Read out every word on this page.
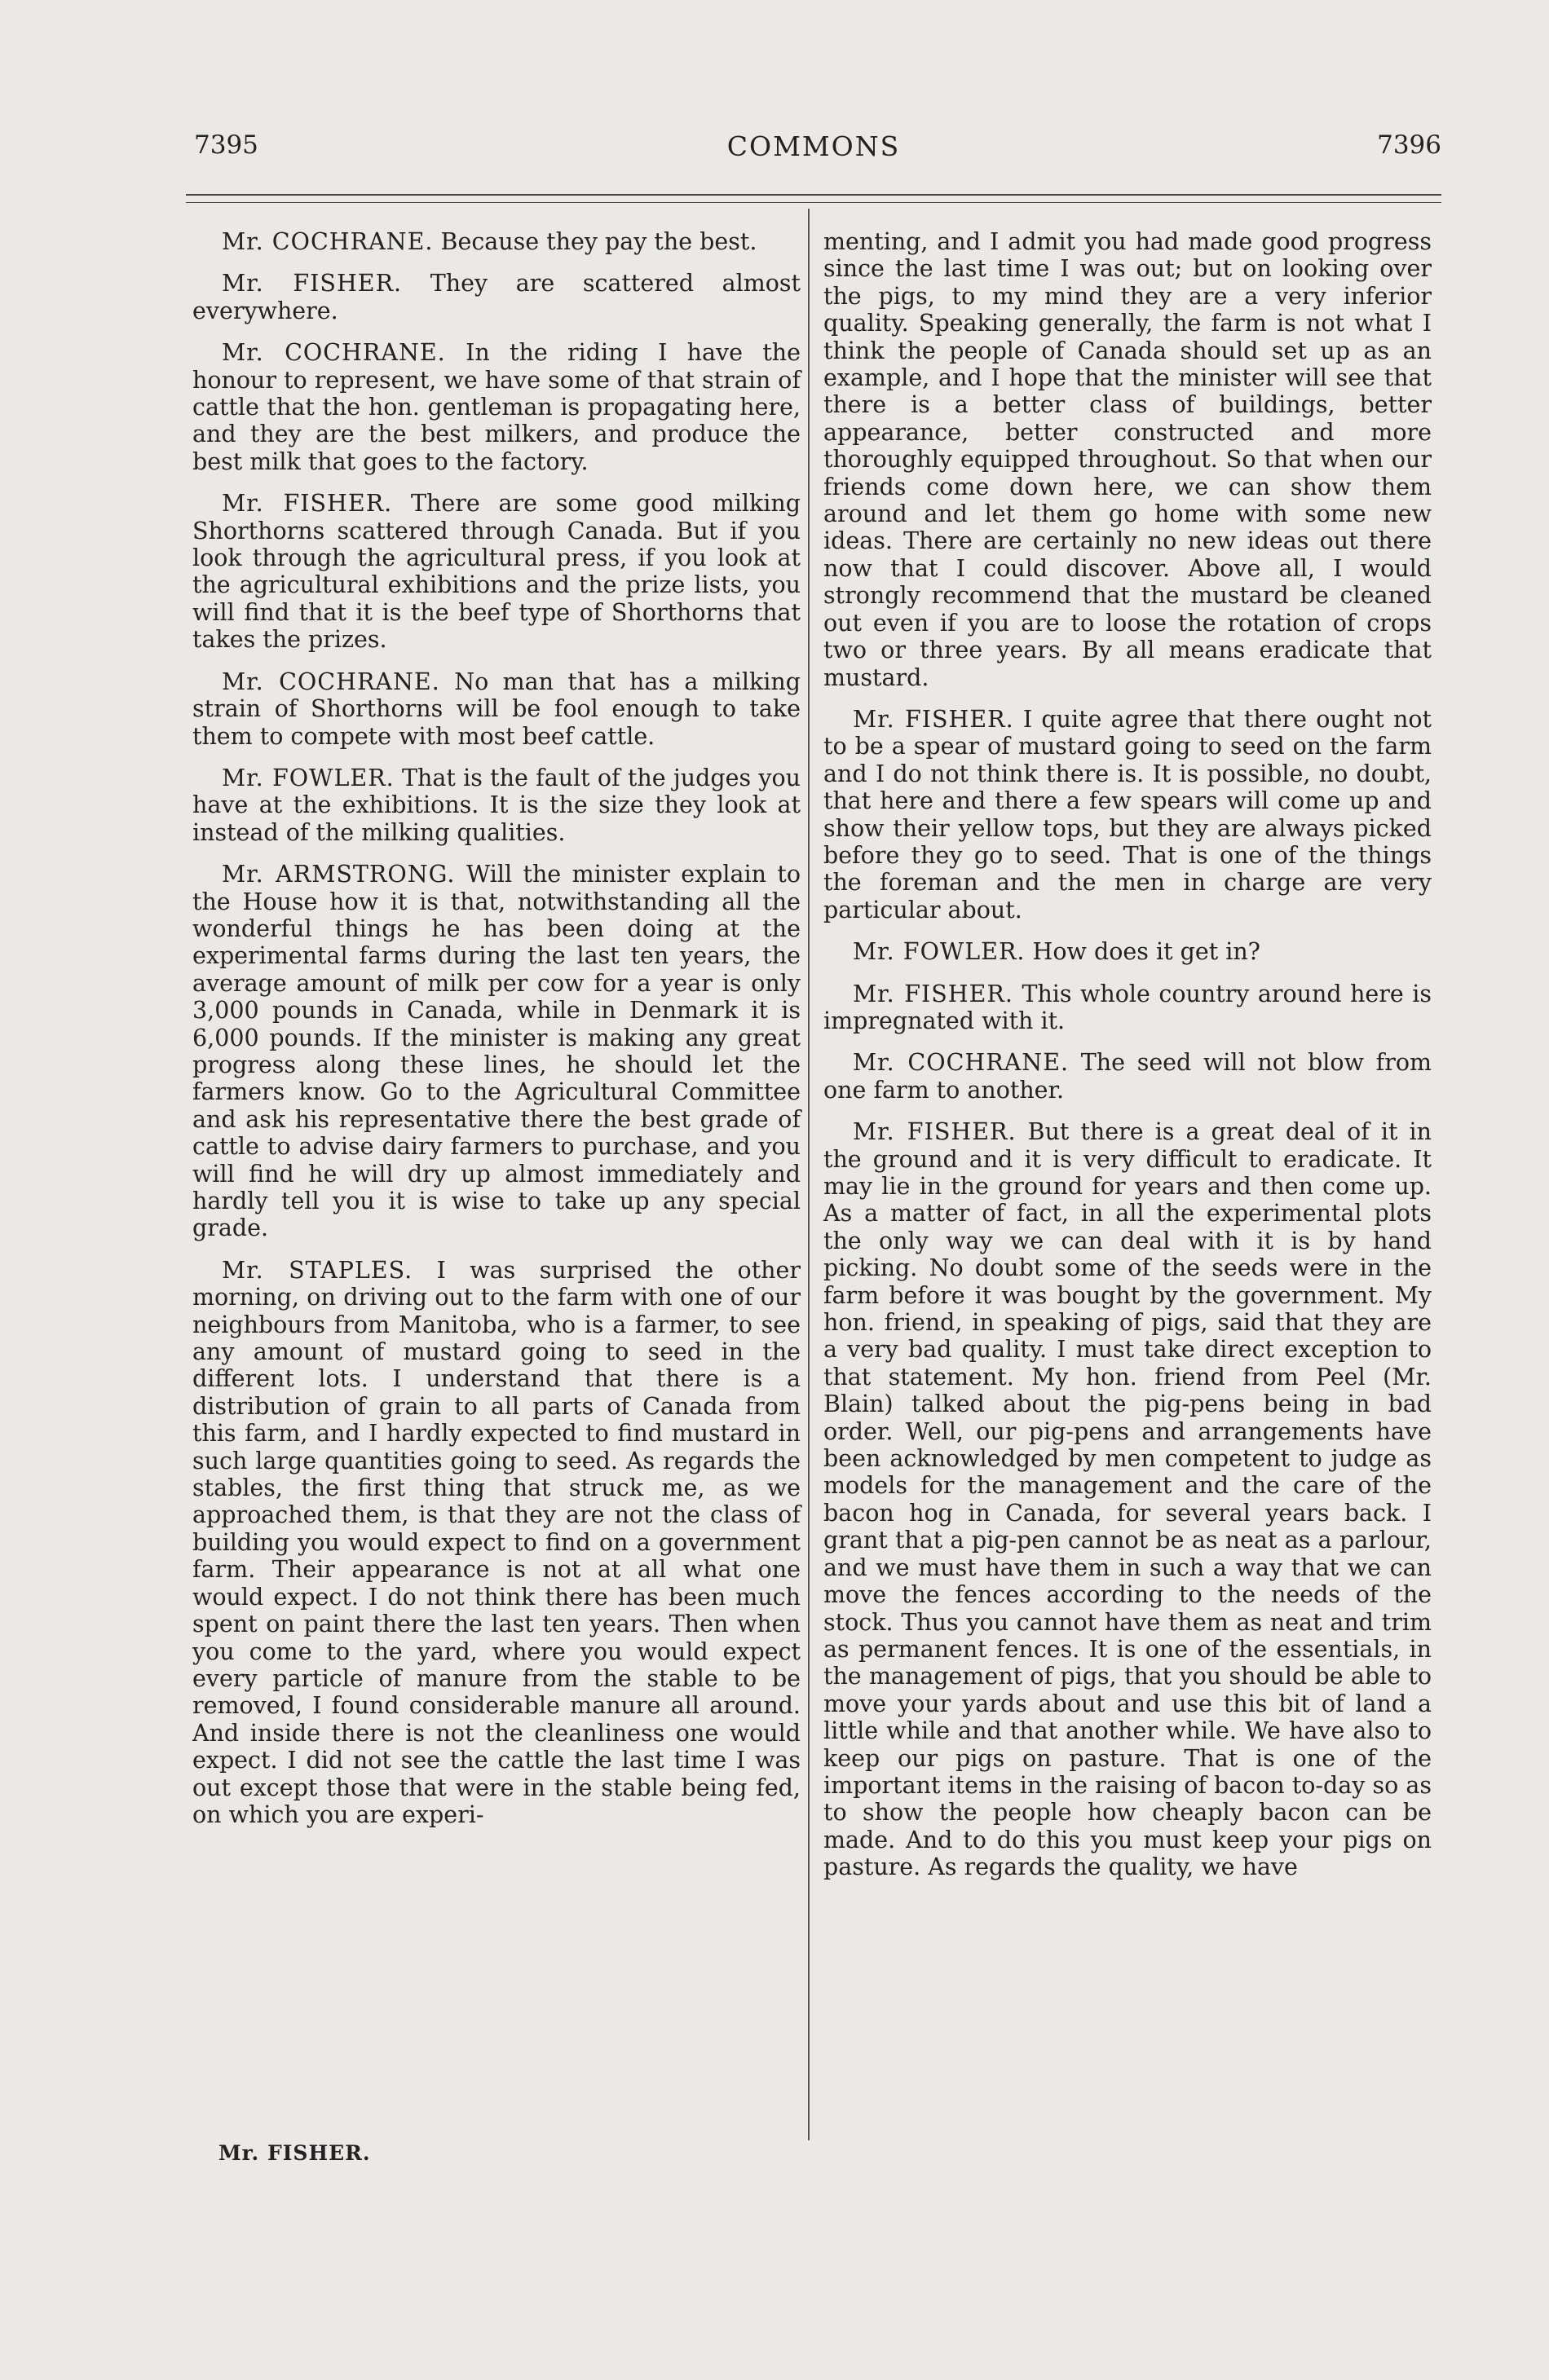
7395	COMMONS	7396

Mr. COCHRANE. Because they pay the best.

Mr. FISHER. They are scattered almost everywhere.

Mr. COCHRANE. In the riding I have the honour to represent, we have some of that strain of cattle that the hon. gentleman is propagating here, and they are the best milkers, and produce the best milk that goes to the factory.

Mr. FISHER. There are some good milking Shorthorns scattered through Canada. But if you look through the agricultural press, if you look at the agricultural exhibitions and the prize lists, you will find that it is the beef type of Shorthorns that takes the prizes.

Mr. COCHRANE. No man that has a milking strain of Shorthorns will be fool enough to take them to compete with most beef cattle.

Mr. FOWLER. That is the fault of the judges you have at the exhibitions. It is the size they look at instead of the milking qualities.

Mr. ARMSTRONG. Will the minister explain to the House how it is that, notwithstanding all the wonderful things he has been doing at the experimental farms during the last ten years, the average amount of milk per cow for a year is only 3,000 pounds in Canada, while in Denmark it is 6,000 pounds. If the minister is making any great progress along these lines, he should let the farmers know. Go to the Agricultural Committee and ask his representative there the best grade of cattle to advise dairy farmers to purchase, and you will find he will dry up almost immediately and hardly tell you it is wise to take up any special grade.

Mr. STAPLES. I was surprised the other morning, on driving out to the farm with one of our neighbours from Manitoba, who is a farmer, to see any amount of mustard going to seed in the different lots. I understand that there is a distribution of grain to all parts of Canada from this farm, and I hardly expected to find mustard in such large quantities going to seed. As regards the stables, the first thing that struck me, as we approached them, is that they are not the class of building you would expect to find on a government farm. Their appearance is not at all what one would expect. I do not think there has been much spent on paint there the last ten years. Then when you come to the yard, where you would expect every particle of manure from the stable to be removed, I found considerable manure all around. And inside there is not the cleanliness one would expect. I did not see the cattle the last time I was out except those that were in the stable being fed, on which you are experi-

menting, and I admit you had made good progress since the last time I was out; but on looking over the pigs, to my mind they are a very inferior quality. Speaking generally, the farm is not what I think the people of Canada should set up as an example, and I hope that the minister will see that there is a better class of buildings, better appearance, better constructed and more thoroughly equipped throughout. So that when our friends come down here, we can show them around and let them go home with some new ideas. There are certainly no new ideas out there now that I could discover. Above all, I would strongly recommend that the mustard be cleaned out even if you are to loose the rotation of crops two or three years. By all means eradicate that mustard.

Mr. FISHER. I quite agree that there ought not to be a spear of mustard going to seed on the farm and I do not think there is. It is possible, no doubt, that here and there a few spears will come up and show their yellow tops, but they are always picked before they go to seed. That is one of the things the foreman and the men in charge are very particular about.

Mr. FOWLER. How does it get in?

Mr. FISHER. This whole country around here is impregnated with it.

Mr. COCHRANE. The seed will not blow from one farm to another.

Mr. FISHER. But there is a great deal of it in the ground and it is very difficult to eradicate. It may lie in the ground for years and then come up. As a matter of fact, in all the experimental plots the only way we can deal with it is by hand picking. No doubt some of the seeds were in the farm before it was bought by the government. My hon. friend, in speaking of pigs, said that they are a very bad quality. I must take direct exception to that statement. My hon. friend from Peel (Mr. Blain) talked about the pig-pens being in bad order. Well, our pig-pens and arrangements have been acknowledged by men competent to judge as models for the management and the care of the bacon hog in Canada, for several years back. I grant that a pig-pen cannot be as neat as a parlour, and we must have them in such a way that we can move the fences according to the needs of the stock. Thus you cannot have them as neat and trim as permanent fences. It is one of the essentials, in the management of pigs, that you should be able to move your yards about and use this bit of land a little while and that another while. We have also to keep our pigs on pasture. That is one of the important items in the raising of bacon to-day so as to show the people how cheaply bacon can be made. And to do this you must keep your pigs on pasture. As regards the quality, we have

Mr. FISHER.
